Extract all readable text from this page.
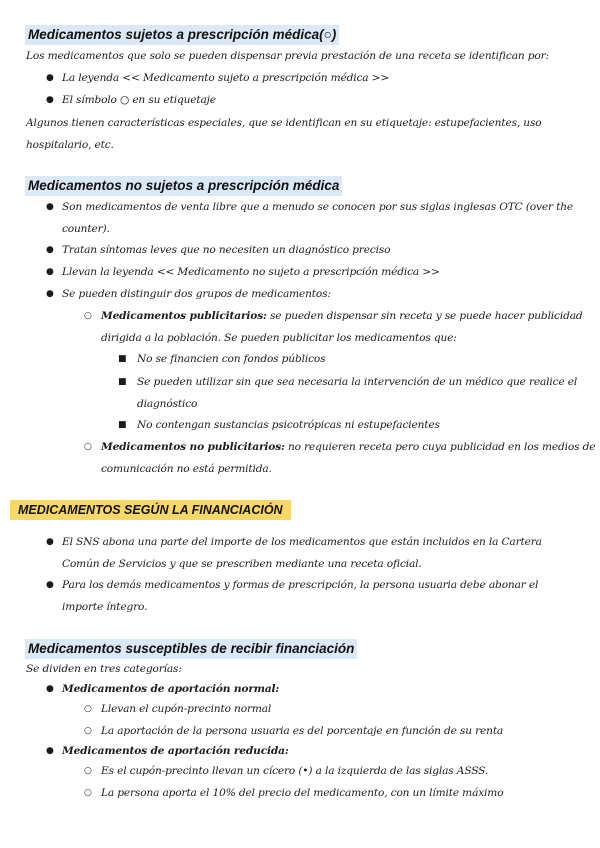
Medicamentos sujetos a prescripción médica(○)
Los medicamentos que solo se pueden dispensar previa prestación de una receta se identifican por:
● La leyenda << Medicamento sujeto a prescripción médica >>
● El símbolo ○ en su etiquetaje
Algunos tienen características especiales, que se identifican en su etiquetaje: estupefacientes, uso
hospitalario, etc.
Medicamentos no sujetos a prescripción médica
● Son medicamentos de venta libre que a menudo se conocen por sus siglas inglesas OTC (over the
counter).
● Tratan síntomas leves que no necesiten un diagnóstico preciso
● Llevan la leyenda << Medicamento no sujeto a prescripción médica >>
● Se pueden distinguir dos grupos de medicamentos:
○ Medicamentos publicitarios: se pueden dispensar sin receta y se puede hacer publicidad
dirigida a la población. Se pueden publicitar los medicamentos que:
■ No se financien con fondos públicos
■ Se pueden utilizar sin que sea necesaria la intervención de un médico que realice el
diagnóstico
■ No contengan sustancias psicotrópicas ni estupefacientes
○ Medicamentos no publicitarios: no requieren receta pero cuya publicidad en los medios de
comunicación no está permitida.
MEDICAMENTOS SEGÚN LA FINANCIACIÓN
● El SNS abona una parte del importe de los medicamentos que están incluidos en la Cartera
Común de Servicios y que se prescriben mediante una receta oficial.
● Para los demás medicamentos y formas de prescripción, la persona usuaria debe abonar el
importe íntegro.
Medicamentos susceptibles de recibir financiación
Se dividen en tres categorías:
● Medicamentos de aportación normal:
○ Llevan el cupón-precinto normal
○ La aportación de la persona usuaria es del porcentaje en función de su renta
● Medicamentos de aportación reducida:
○ Es el cupón-precinto llevan un cícero (•) a la izquierda de las siglas ASSS.
○ La persona aporta el 10% del precio del medicamento, con un límite máximo
